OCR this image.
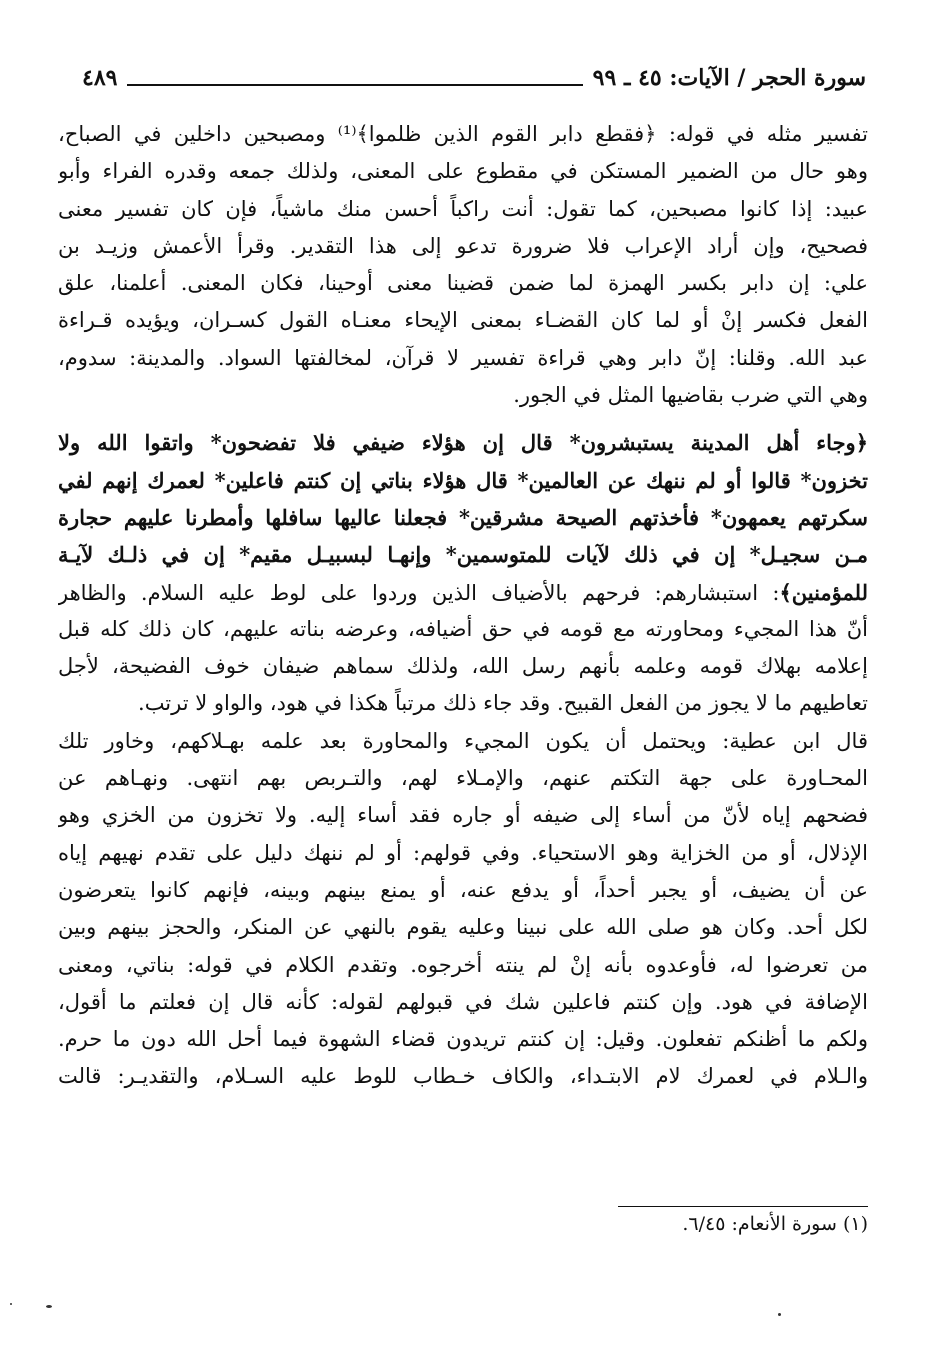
سورة الحجر / الآيات: ٤٥ ـ ٩٩
٤٨٩
تفسير مثله في قوله: ﴿فقطع دابر القوم الذين ظلموا﴾⁽¹⁾ ومصبحين داخلين في الصباح،
وهو حال من الضمير المستكن في مقطوع على المعنى، ولذلك جمعه وقدره الفراء وأبو
عبيد: إذا كانوا مصبحين، كما تقول: أنت راكباً أحسن منك ماشياً، فإن كان تفسير معنى
فصحيح، وإن أراد الإعراب فلا ضرورة تدعو إلى هذا التقدير. وقرأ الأعمش وزيـد بن
علي: إن دابر بكسر الهمزة لما ضمن قضينا معنى أوحينا، فكان المعنى. أعلمنا، علق
الفعل فكسر إنْ أو لما كان القضـاء بمعنى الإيحاء معنـاه القول كسـران، ويؤيده قـراءة
عبد الله. وقلنا: إنّ دابر وهي قراءة تفسير لا قرآن، لمخالفتها السواد. والمدينة: سدوم،
وهي التي ضرب بقاضيها المثل في الجور.
﴿وجاء أهل المدينة يستبشرون* قال إن هؤلاء ضيفي فلا تفضحون* واتقوا الله ولا
تخزون* قالوا أو لم ننهك عن العالمين* قال هؤلاء بناتي إن كنتم فاعلين* لعمرك إنهم لفي
سكرتهم يعمهون* فأخذتهم الصيحة مشرقين* فجعلنا عاليها سافلها وأمطرنا عليهم حجارة
مـن سجيـل* إن في ذلك لآيات للمتوسمين* وإنهـا لبسبيـل مقيم* إن في ذلـك لآيـة
للمؤمنين﴾: استبشارهم: فرحهم بالأضياف الذين وردوا على لوط عليه السلام. والظاهر
أنّ هذا المجيء ومحاورته مع قومه في حق أضيافه، وعرضه بناته عليهم، كان ذلك كله قبل
إعلامه بهلاك قومه وعلمه بأنهم رسل الله، ولذلك سماهم ضيفان خوف الفضيحة، لأجل
تعاطيهم ما لا يجوز من الفعل القبيح. وقد جاء ذلك مرتباً هكذا في هود، والواو لا ترتب.
قال ابن عطية: ويحتمل أن يكون المجيء والمحاورة بعد علمه بهـلاكهم، وخاور تلك
المحـاورة على جهة التكتم عنهم، والإمـلاء لهم، والتـربص بهم انتهى. ونهـاهم عن
فضحهم إياه لأنّ من أساء إلى ضيفه أو جاره فقد أساء إليه. ولا تخزون من الخزي وهو
الإذلال، أو من الخزاية وهو الاستحياء. وفي قولهم: أو لم ننهك دليل على تقدم نهيهم إياه
عن أن يضيف، أو يجبر أحداً، أو يدفع عنه، أو يمنع بينهم وبينه، فإنهم كانوا يتعرضون
لكل أحد. وكان هو صلى الله على نبينا وعليه يقوم بالنهي عن المنكر، والحجز بينهم وبين
من تعرضوا له، فأوعدوه بأنه إنْ لم ينته أخرجوه. وتقدم الكلام في قوله: بناتي، ومعنى
الإضافة في هود. وإن كنتم فاعلين شك في قبولهم لقوله: كأنه قال إن فعلتم ما أقول،
ولكم ما أظنكم تفعلون. وقيل: إن كنتم تريدون قضاء الشهوة فيما أحل الله دون ما حرم.
والـلام في لعمرك لام الابتـداء، والكاف خـطاب للوط عليه السـلام، والتقديـر: قالت
(١) سورة الأنعام: ٦/٤٥.
